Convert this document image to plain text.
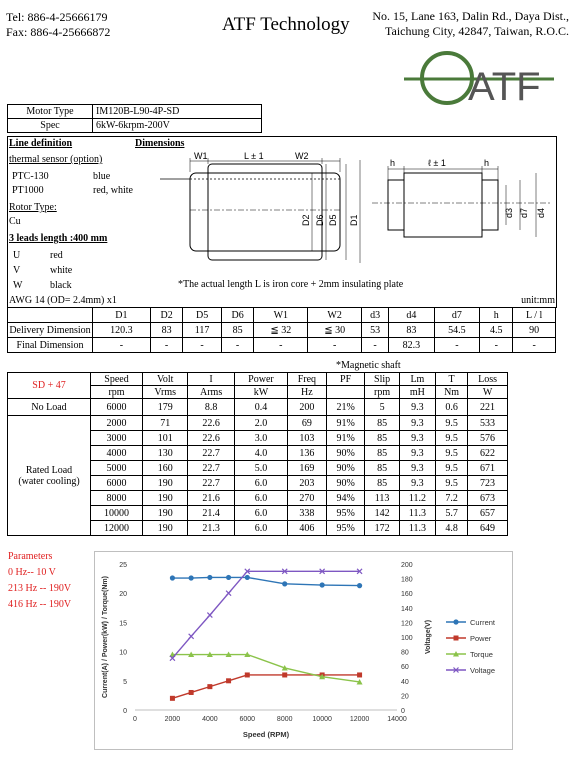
Tel: 886-4-25666179
Fax: 886-4-25666872	ATF Technology No. 15, Lane 163, Dalin Rd., Daya Dist.,
Taichung City, 42847, Taiwan, R.O.C.
ATF
Motor Type	IM120B-L90-4P-SD
Spec	6kW-6krpm-200V
Line definition
thermal sensor (option)
PTC-130	blue
PT1000	red, white
Rotor Type:
Cu
3 leads length :400 mm
U	red
V	white
W	black
AWG 14 (OD= 2.4mm) x1
Dimensions
W1	L ± 1	W2
D2 D6 D5 D1
h	ℓ ± 1	h
d3 d7 d4
*The actual length L is iron core + 2mm insulating plate
unit:mm
	D1	D2	D5	D6	W1	W2	d3	d4	d7	h	L / l
Delivery Dimension	120.3	83	117	85	≦ 32	≦ 30	53	83	54.5	4.5	90
Final Dimension	-	-	-	-	-	-	-	82.3	-	-	-
*Magnetic shaft
SD + 47	Speed	Volt	I	Power	Freq	PF	Slip	Lm	T	Loss
	rpm	Vrms	Arms	kW	Hz		rpm	mH	Nm	W
No Load	6000	179	8.8	0.4	200	21%	5	9.3	0.6	221

Rated Load
(water cooling)	2000	71	22.6	2.0	69	91%	85	9.3	9.5	533
	3000	101	22.6	3.0	103	91%	85	9.3	9.5	576
	4000	130	22.7	4.0	136	90%	85	9.3	9.5	622
	5000	160	22.7	5.0	169	90%	85	9.3	9.5	671
	6000	190	22.7	6.0	203	90%	85	9.3	9.5	723
	8000	190	21.6	6.0	270	94%	113	11.2	7.2	673
	10000	190	21.4	6.0	338	95%	142	11.3	5.7	657
	12000	190	21.3	6.0	406	95%	172	11.3	4.8	649
Parameters
0 Hz-- 10 V
213 Hz -- 190V
416 Hz -- 190V
0	2000	4000	6000	8000	10000	12000	14000
0
5
10
15
20
25
0
20
40
60
80
100
120
140
160
180
200
Speed (RPM)
Current(A) / Power(kW) / Torque(Nm)	Voltage(V)	Current
Power
Torque
Voltage
